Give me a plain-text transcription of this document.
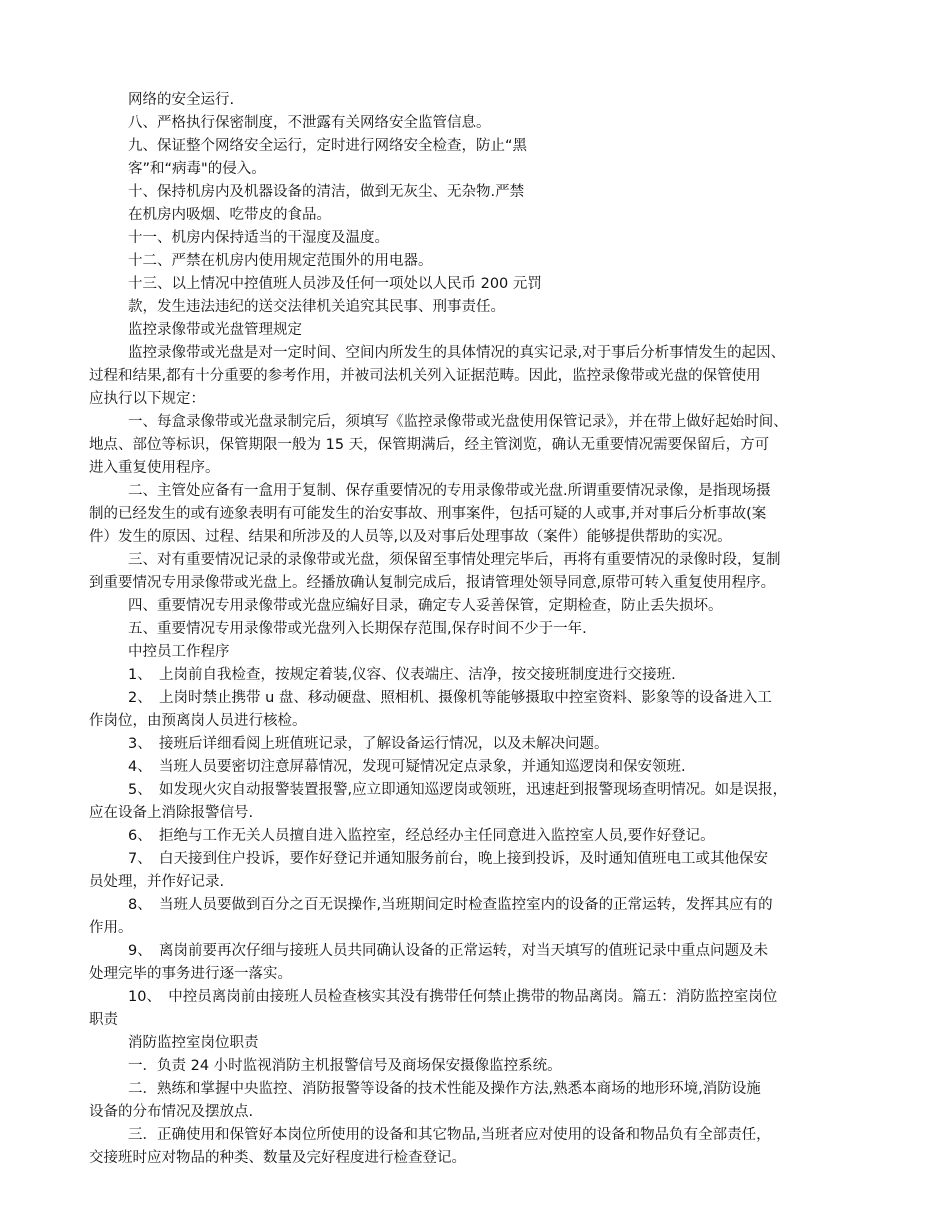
网络的安全运行.
八、严格执行保密制度，不泄露有关网络安全监管信息。
九、保证整个网络安全运行，定时进行网络安全检查，防止“黑
客”和“病毒"的侵入。
十、保持机房内及机器设备的清洁，做到无灰尘、无杂物.严禁
在机房内吸烟、吃带皮的食品。
十一、机房内保持适当的干湿度及温度。
十二、严禁在机房内使用规定范围外的用电器。
十三、以上情况中控值班人员涉及任何一项处以人民币 200 元罚
款，发生违法违纪的送交法律机关追究其民事、刑事责任。
监控录像带或光盘管理规定
监控录像带或光盘是对一定时间、空间内所发生的具体情况的真实记录,对于事后分析事情发生的起因、
过程和结果,都有十分重要的参考作用，并被司法机关列入证据范畴。因此，监控录像带或光盘的保管使用
应执行以下规定：
一、每盒录像带或光盘录制完后，须填写《监控录像带或光盘使用保管记录》，并在带上做好起始时间、
地点、部位等标识，保管期限一般为 15 天，保管期满后，经主管浏览，确认无重要情况需要保留后，方可
进入重复使用程序。
二、主管处应备有一盒用于复制、保存重要情况的专用录像带或光盘.所谓重要情况录像，是指现场摄
制的已经发生的或有迹象表明有可能发生的治安事故、刑事案件，包括可疑的人或事,并对事后分析事故(案
件）发生的原因、过程、结果和所涉及的人员等,以及对事后处理事故（案件）能够提供帮助的实况。
三、对有重要情况记录的录像带或光盘，须保留至事情处理完毕后，再将有重要情况的录像时段，复制
到重要情况专用录像带或光盘上。经播放确认复制完成后，报请管理处领导同意,原带可转入重复使用程序。
四、重要情况专用录像带或光盘应编好目录，确定专人妥善保管，定期检查，防止丢失损坏。
五、重要情况专用录像带或光盘列入长期保存范围,保存时间不少于一年.
中控员工作程序
1、　上岗前自我检查，按规定着装,仪容、仪表端庄、洁净，按交接班制度进行交接班.
2、　上岗时禁止携带 u 盘、移动硬盘、照相机、摄像机等能够摄取中控室资料、影象等的设备进入工
作岗位，由预离岗人员进行核检。
3、　接班后详细看阅上班值班记录，了解设备运行情况，以及未解决问题。
4、　当班人员要密切注意屏幕情况，发现可疑情况定点录象，并通知巡逻岗和保安领班.
5、　如发现火灾自动报警装置报警,应立即通知巡逻岗或领班，迅速赶到报警现场查明情况。如是误报，
应在设备上消除报警信号.
6、　拒绝与工作无关人员擅自进入监控室，经总经办主任同意进入监控室人员,要作好登记。
7、　白天接到住户投诉，要作好登记并通知服务前台，晚上接到投诉，及时通知值班电工或其他保安
员处理，并作好记录.
8、　当班人员要做到百分之百无误操作,当班期间定时检查监控室内的设备的正常运转，发挥其应有的
作用。
9、　离岗前要再次仔细与接班人员共同确认设备的正常运转，对当天填写的值班记录中重点问题及未
处理完毕的事务进行逐一落实。
10、　中控员离岗前由接班人员检查核实其没有携带任何禁止携带的物品离岗。篇五：消防监控室岗位
职责
消防监控室岗位职责
一．负责 24 小时监视消防主机报警信号及商场保安摄像监控系统。
二．熟练和掌握中央监控、消防报警等设备的技术性能及操作方法,熟悉本商场的地形环境,消防设施
设备的分布情况及摆放点.
三．正确使用和保管好本岗位所使用的设备和其它物品,当班者应对使用的设备和物品负有全部责任，
交接班时应对物品的种类、数量及完好程度进行检查登记。
